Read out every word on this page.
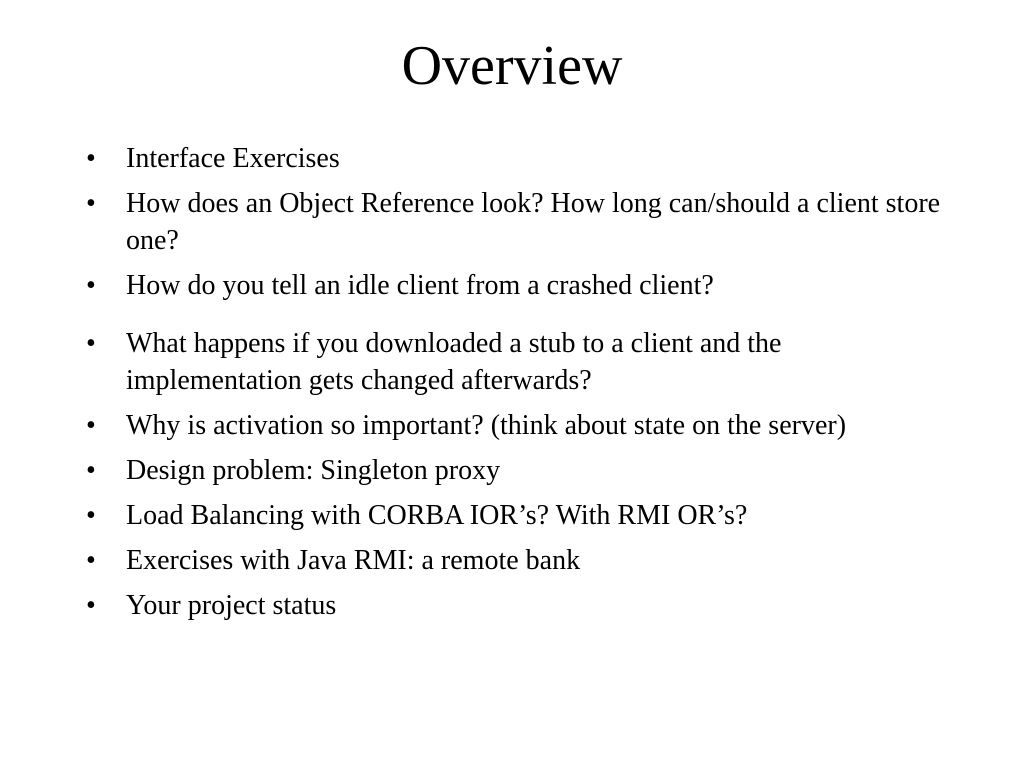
Overview
•	Interface Exercises
•	How does an Object Reference look? How long can/should a client store one?
•	How do you tell an idle client from a crashed client?
•	What happens if you downloaded a stub to a client and the implementation gets changed afterwards?
•	Why is activation so important? (think about state on the server)
•	Design problem: Singleton proxy
•	Load Balancing with CORBA IOR’s? With RMI OR’s?
•	Exercises with Java RMI: a remote bank
•	Your project status
